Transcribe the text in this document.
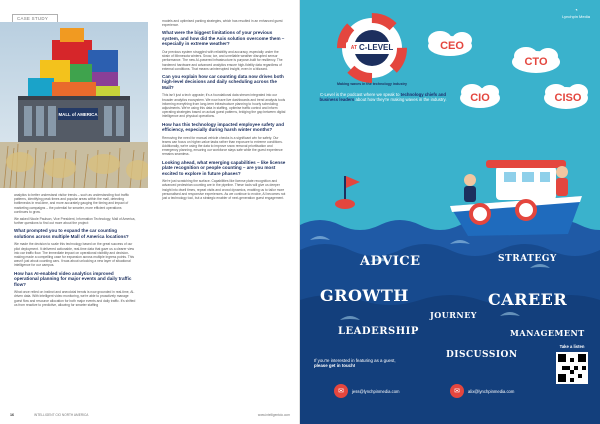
CASE STUDY
MALL of AMERICA

analytics to better understand visitor trends – such as understanding foot traffic patterns, identifying peak times and popular areas within the mall, detecting bottlenecks in real-time, and more accurately gauging the timing and impact of marketing campaigns – the potential for smarter, more efficient operations continues to grow.

We asked Nicole Paulson, Vice President, Information Technology, Mall of America, further questions to find out more about the project:

What prompted you to expand the car counting solutions across multiple Mall of America locations?

We made the decision to scale this technology based on the great success of our pilot deployment. It delivered actionable, real-time data that gave us a clearer view into car traffic flow. The immediate impact on operational visibility and decision-making made a compelling case for expansion across multiple ingress points. This wasn't just about counting cars. It was about unlocking a new layer of situational intelligence for our campus.

How has AI-enabled video analytics improved operational planning for major events and daily traffic flow?

What once relied on instinct and anecdotal trends is now grounded in real-time, AI-driven data. With intelligent video monitoring, we're able to proactively manage guest flow and resource allocation for both major events and daily traffic. It's shifted us from reactive to predictive, allowing for smarter staffing

models and optimised parking strategies, which has resulted in an enhanced guest experience.

What were the biggest limitations of your previous system, and how did the Axis solution overcome them – especially in extreme weather?

Our previous system struggled with reliability and accuracy, especially under the strain of Minnesota winters. Snow, ice, and unreliable weather disrupted sensor performance. The new AI-powered infrastructure is purpose-built for resiliency. The hardened hardware and advanced analytics ensure high-fidelity data regardless of external conditions. That means uninterrupted insight, even in a blizzard.

Can you explain how car counting data now drives both high-level decisions and daily scheduling across the Mall?

This isn't just a tech upgrade; it's a foundational data stream integrated into our broader analytics ecosystem. We now have live dashboards and trend analysis tools informing everything from long-term infrastructure planning to hourly scheduling adjustments. We're using this data in staffing, optimise traffic control and inform operating strategies based on actual guest patterns, bridging the gap between digital intelligence and physical operations.

How has this technology impacted employee safety and efficiency, especially during harsh winter months?

Removing the need for manual vehicle checks is a significant win for safety. Our teams can focus on higher-value tasks rather than exposure to extreme conditions. Additionally, we're using the data to improve snow removal prioritisation and emergency planning, ensuring our workforce stays safe while the guest experience remains seamless.

Looking ahead, what emerging capabilities – like license plate recognition or people counting – are you most excited to explore in future phases?

We're just scratching the surface. Capabilities like license plate recognition and advanced pedestrian counting are in the pipeline. These tools will give us deeper insight into dwell times, repeat visits and crowd dynamics, enabling us to tailor more personalised and responsive experiences. As we continue to evolve, AI becomes not just a technology tool, but a strategic enabler of next-generation guest engagement.

16	INTELLIGENT CIO NORTH AMERICA	www.intelligentcio.com
AT C-LEVEL
Making waves in the technology industry
◔
Lynchpin Media
CEO
CTO
CIO	CISO
C-Level is the podcast where we speak to technology chiefs and business leaders about how they're making waves in the industry.
ADVICE	STRATEGY
GROWTH
JOURNEY
CAREER
LEADERSHIP	MANAGEMENT
DISCUSSION
If you're interested in featuring as a guest, please get in touch!
✉	jess@lynchpinmedia.com	✉	alix@lynchpinmedia.com
Take a listen
